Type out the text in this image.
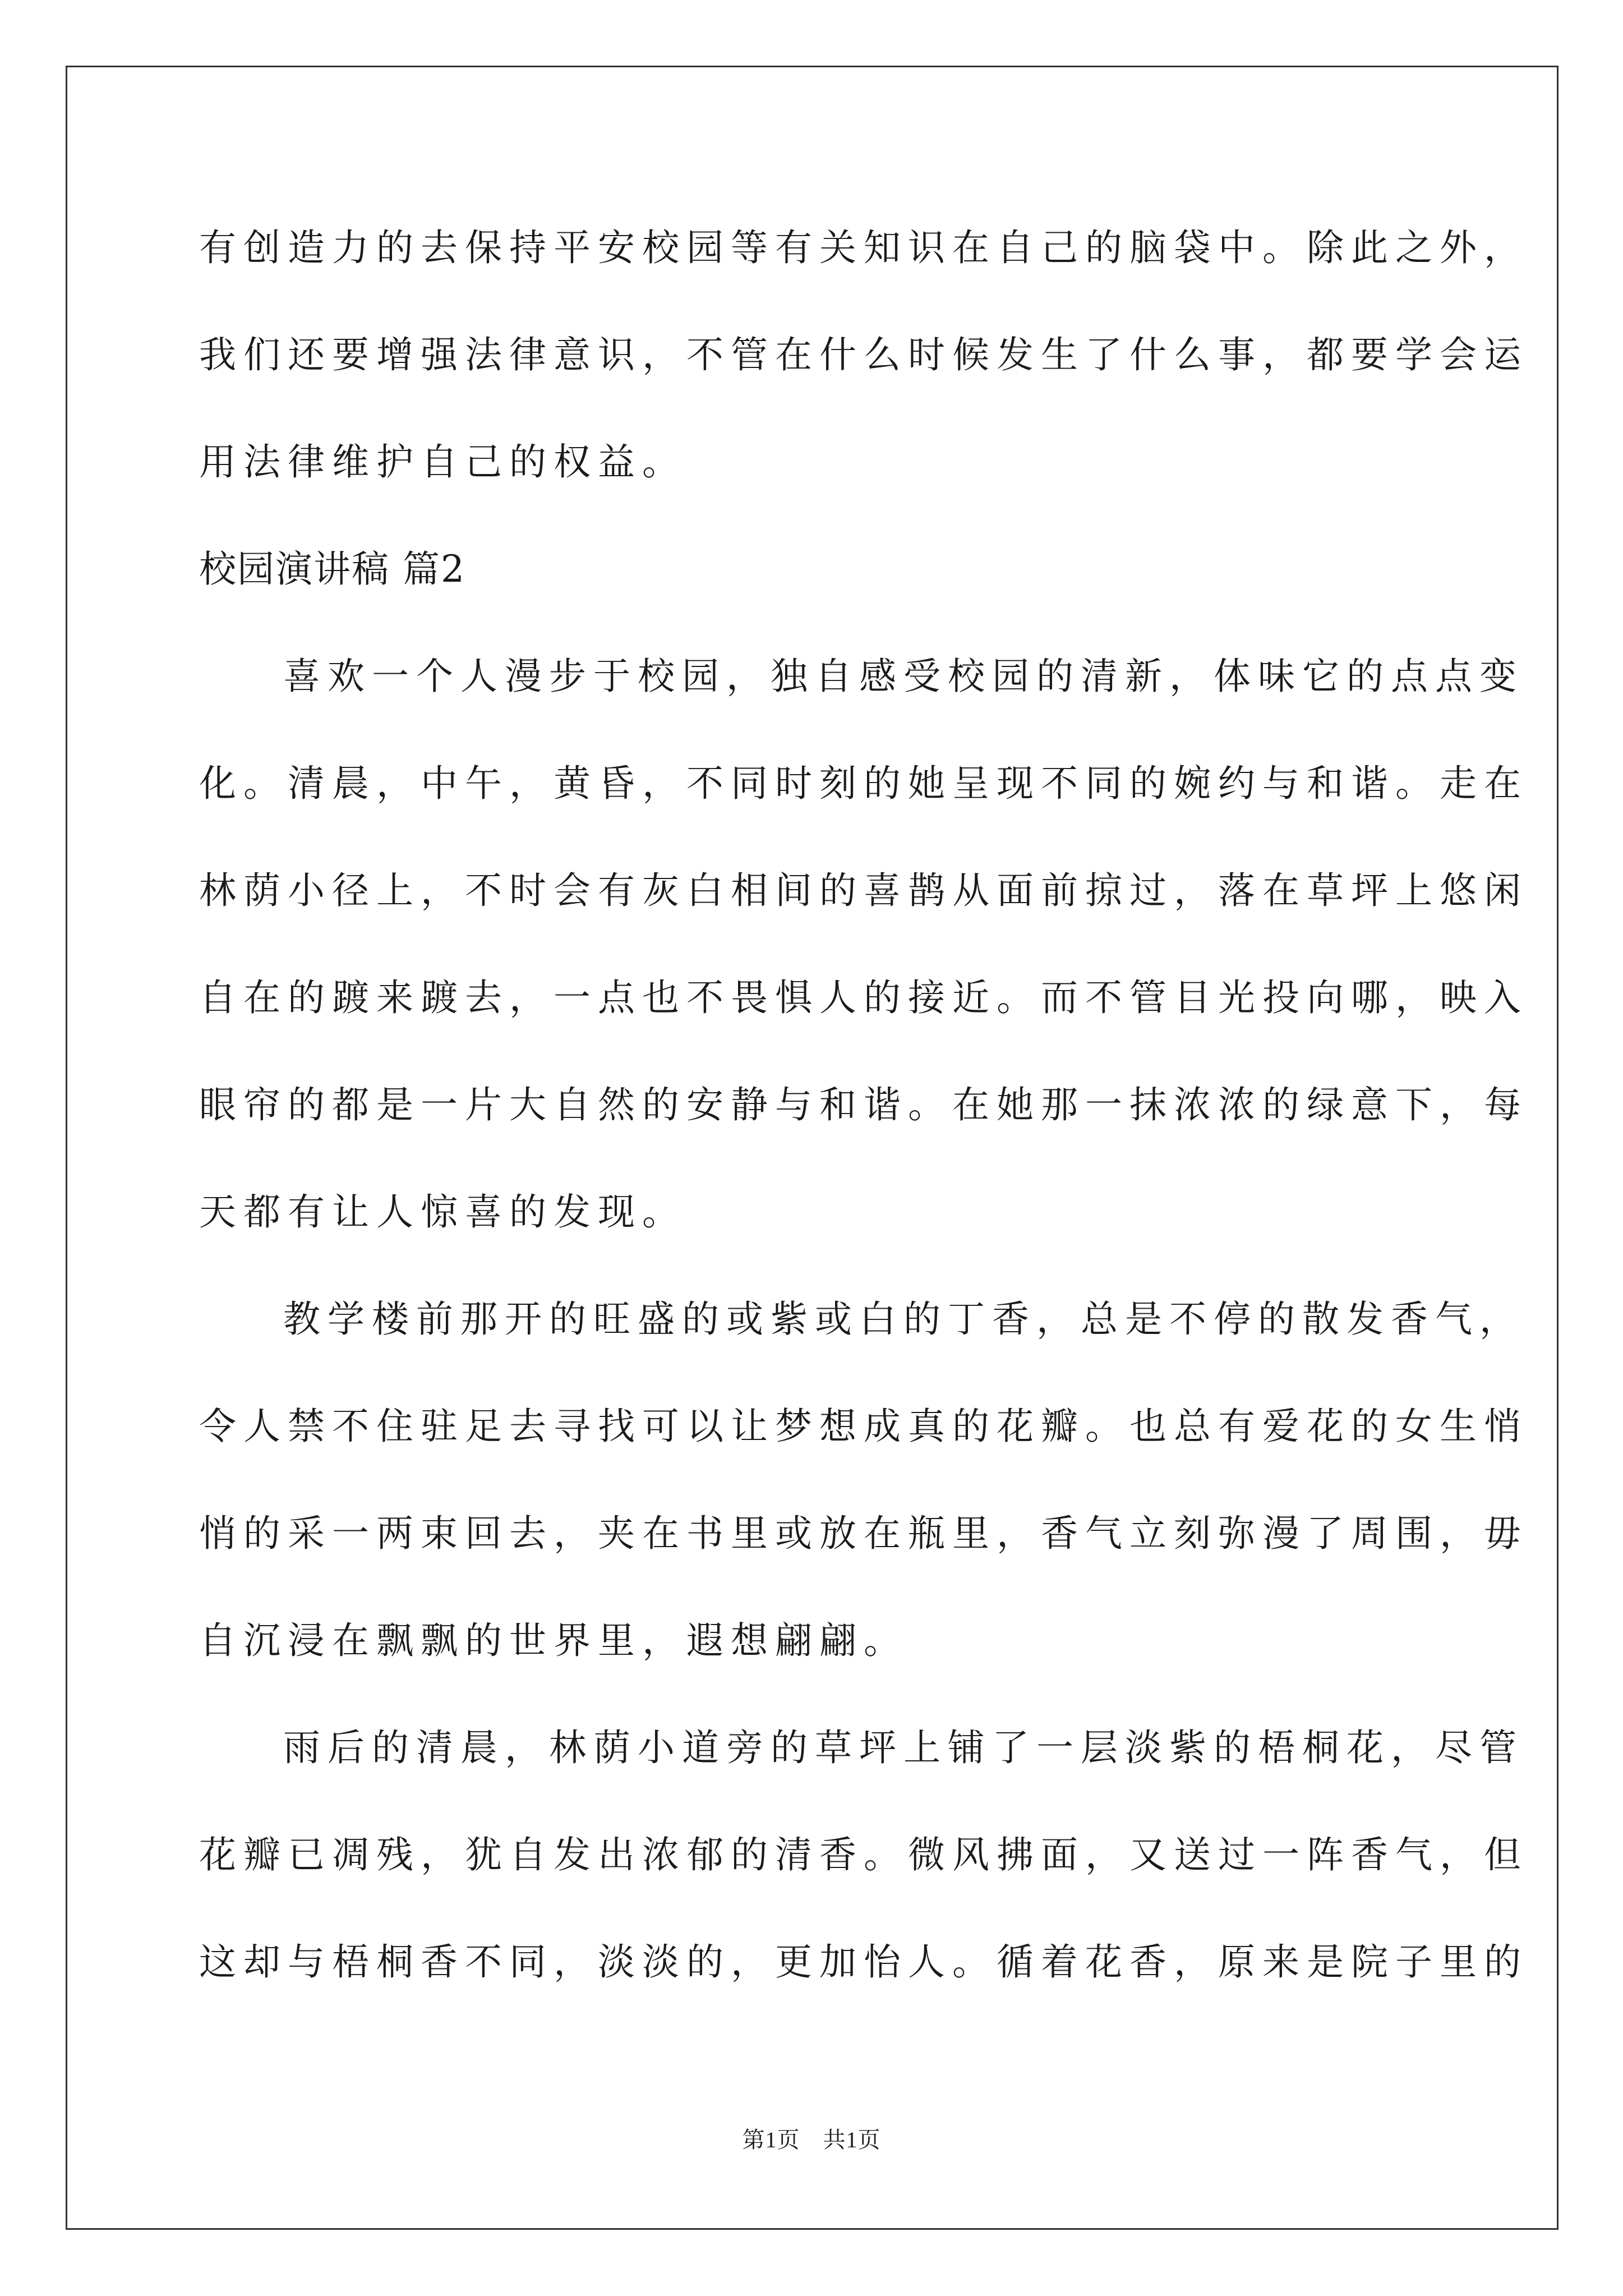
有创造力的去保持平安校园等有关知识在自己的脑袋中。除此之外，

我们还要增强法律意识，不管在什么时候发生了什么事，都要学会运

用法律维护自己的权益。

校园演讲稿 篇2

喜欢一个人漫步于校园，独自感受校园的清新，体味它的点点变

化。清晨，中午，黄昏，不同时刻的她呈现不同的婉约与和谐。走在

林荫小径上，不时会有灰白相间的喜鹊从面前掠过，落在草坪上悠闲

自在的踱来踱去，一点也不畏惧人的接近。而不管目光投向哪，映入

眼帘的都是一片大自然的安静与和谐。在她那一抹浓浓的绿意下，每

天都有让人惊喜的发现。

教学楼前那开的旺盛的或紫或白的丁香，总是不停的散发香气，

令人禁不住驻足去寻找可以让梦想成真的花瓣。也总有爱花的女生悄

悄的采一两束回去，夹在书里或放在瓶里，香气立刻弥漫了周围，毋

自沉浸在飘飘的世界里，遐想翩翩。

雨后的清晨，林荫小道旁的草坪上铺了一层淡紫的梧桐花，尽管

花瓣已凋残，犹自发出浓郁的清香。微风拂面，又送过一阵香气，但

这却与梧桐香不同，淡淡的，更加怡人。循着花香，原来是院子里的

第1页　共1页
